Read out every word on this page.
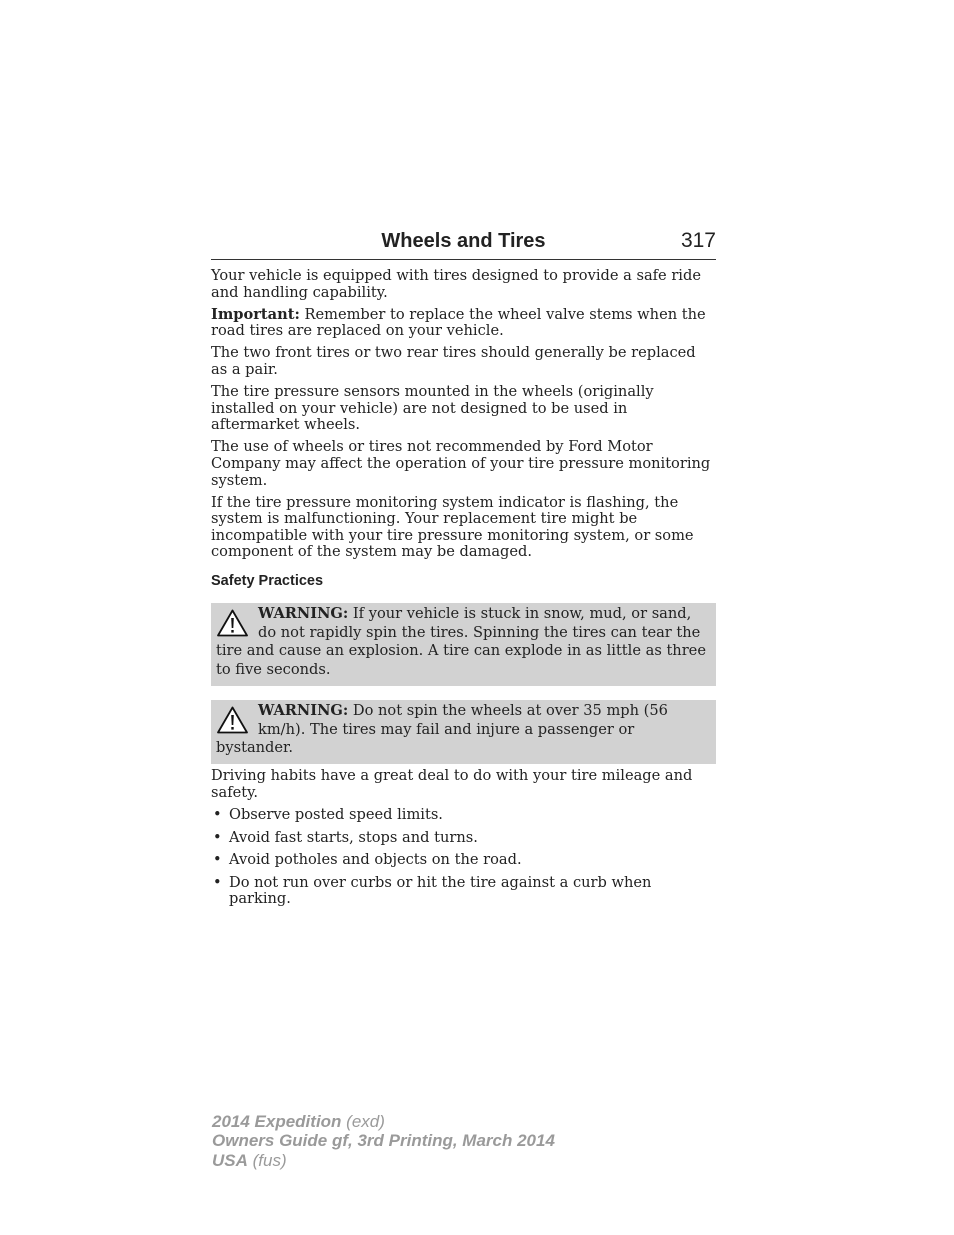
Wheels and Tires	317

Your vehicle is equipped with tires designed to provide a safe ride and handling capability.

Important: Remember to replace the wheel valve stems when the road tires are replaced on your vehicle.

The two front tires or two rear tires should generally be replaced as a pair.

The tire pressure sensors mounted in the wheels (originally installed on your vehicle) are not designed to be used in aftermarket wheels.

The use of wheels or tires not recommended by Ford Motor Company may affect the operation of your tire pressure monitoring system.

If the tire pressure monitoring system indicator is flashing, the system is malfunctioning. Your replacement tire might be incompatible with your tire pressure monitoring system, or some component of the system may be damaged.

Safety Practices
WARNING: If your vehicle is stuck in snow, mud, or sand, do not rapidly spin the tires. Spinning the tires can tear the tire and cause an explosion. A tire can explode in as little as three to five seconds.
WARNING: Do not spin the wheels at over 35 mph (56 km/h). The tires may fail and injure a passenger or bystander.

Driving habits have a great deal to do with your tire mileage and safety.

• Observe posted speed limits.
• Avoid fast starts, stops and turns.
• Avoid potholes and objects on the road.
• Do not run over curbs or hit the tire against a curb when parking.
2014 Expedition (exd)
Owners Guide gf, 3rd Printing, March 2014
USA (fus)
